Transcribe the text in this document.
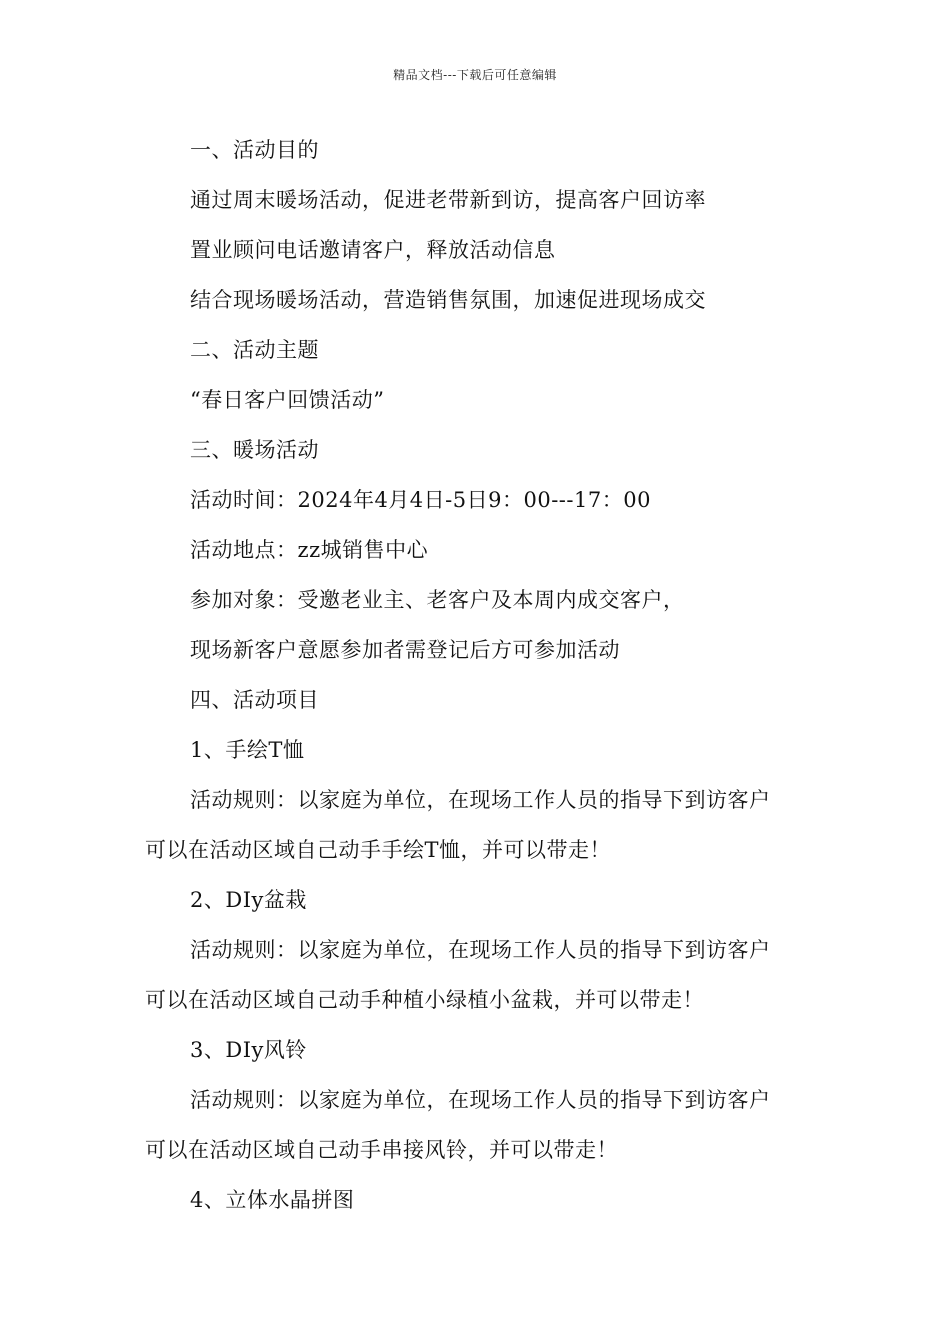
精品文档---下载后可任意编辑
一、活动目的
通过周末暖场活动，促进老带新到访，提高客户回访率
置业顾问电话邀请客户，释放活动信息
结合现场暖场活动，营造销售氛围，加速促进现场成交
二、活动主题
“春日客户回馈活动”
三、暖场活动
活动时间：2024年4月4日-5日9：00---17：00
活动地点：zz城销售中心
参加对象：受邀老业主、老客户及本周内成交客户，
现场新客户意愿参加者需登记后方可参加活动
四、活动项目
1、手绘T恤
活动规则：以家庭为单位，在现场工作人员的指导下到访客户
可以在活动区域自己动手手绘T恤，并可以带走！
2、DIy盆栽
活动规则：以家庭为单位，在现场工作人员的指导下到访客户
可以在活动区域自己动手种植小绿植小盆栽，并可以带走！
3、DIy风铃
活动规则：以家庭为单位，在现场工作人员的指导下到访客户
可以在活动区域自己动手串接风铃，并可以带走！
4、立体水晶拼图
